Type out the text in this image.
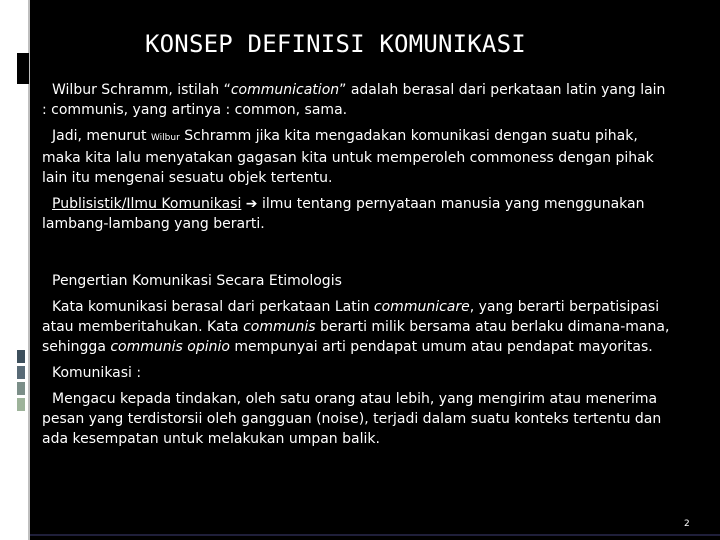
KONSEP DEFINISI KOMUNIKASI

Wilbur Schramm, istilah “communication” adalah berasal dari perkataan latin yang lain : communis, yang artinya : common, sama.

Jadi, menurut Wilbur Schramm jika kita mengadakan komunikasi dengan suatu pihak, maka kita lalu menyatakan gagasan kita untuk memperoleh commoness dengan pihak lain itu mengenai sesuatu objek tertentu.

Publisistik/Ilmu Komunikasi ➔ ilmu tentang pernyataan manusia yang menggunakan lambang-lambang yang berarti.

Pengertian Komunikasi Secara Etimologis

Kata komunikasi berasal dari perkataan Latin communicare, yang berarti berpatisipasi atau memberitahukan. Kata communis berarti milik bersama atau berlaku dimana-mana, sehingga communis opinio mempunyai arti pendapat umum atau pendapat mayoritas.

Komunikasi :

Mengacu kepada tindakan, oleh satu orang atau lebih, yang mengirim atau menerima pesan yang terdistorsii oleh gangguan (noise), terjadi dalam suatu konteks tertentu dan ada kesempatan untuk melakukan umpan balik.

2
